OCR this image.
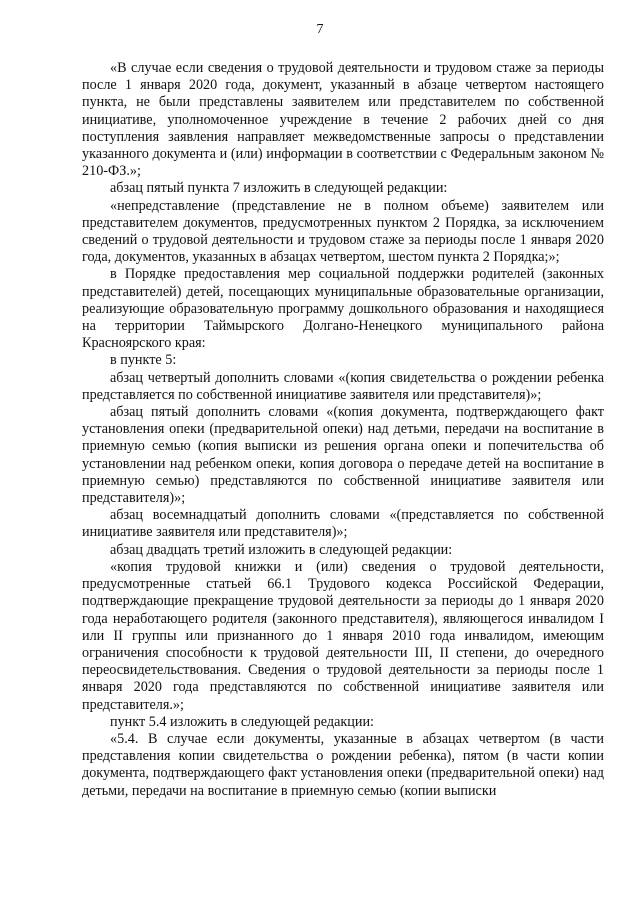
7

«В случае если сведения о трудовой деятельности и трудовом стаже за периоды после 1 января 2020 года, документ, указанный в абзаце четвертом настоящего пункта, не были представлены заявителем или представителем по собственной инициативе, уполномоченное учреждение в течение 2 рабочих дней со дня поступления заявления направляет межведомственные запросы о представлении указанного документа и (или) информации в соответствии с Федеральным законом № 210-ФЗ.»;

абзац пятый пункта 7 изложить в следующей редакции:

«непредставление (представление не в полном объеме) заявителем или представителем документов, предусмотренных пунктом 2 Порядка, за исключением сведений о трудовой деятельности и трудовом стаже за периоды после 1 января 2020 года, документов, указанных в абзацах четвертом, шестом пункта 2 Порядка;»;

в Порядке предоставления мер социальной поддержки родителей (законных представителей) детей, посещающих муниципальные образовательные организации, реализующие образовательную программу дошкольного образования и находящиеся на территории Таймырского Долгано-Ненецкого муниципального района Красноярского края:

в пункте 5:

абзац четвертый дополнить словами «(копия свидетельства о рождении ребенка представляется по собственной инициативе заявителя или представителя)»;

абзац пятый дополнить словами «(копия документа, подтверждающего факт установления опеки (предварительной опеки) над детьми, передачи на воспитание в приемную семью (копия выписки из решения органа опеки и попечительства об установлении над ребенком опеки, копия договора о передаче детей на воспитание в приемную семью) представляются по собственной инициативе заявителя или представителя)»;

абзац восемнадцатый дополнить словами «(представляется по собственной инициативе заявителя или представителя)»;

абзац двадцать третий изложить в следующей редакции:

«копия трудовой книжки и (или) сведения о трудовой деятельности, предусмотренные статьей 66.1 Трудового кодекса Российской Федерации, подтверждающие прекращение трудовой деятельности за периоды до 1 января 2020 года неработающего родителя (законного представителя), являющегося инвалидом I или II группы или признанного до 1 января 2010 года инвалидом, имеющим ограничения способности к трудовой деятельности III, II степени, до очередного переосвидетельствования. Сведения о трудовой деятельности за периоды после 1 января 2020 года представляются по собственной инициативе заявителя или представителя.»;

пункт 5.4 изложить в следующей редакции:

«5.4. В случае если документы, указанные в абзацах четвертом (в части представления копии свидетельства о рождении ребенка), пятом (в части копии документа, подтверждающего факт установления опеки (предварительной опеки) над детьми, передачи на воспитание в приемную семью (копии выписки
